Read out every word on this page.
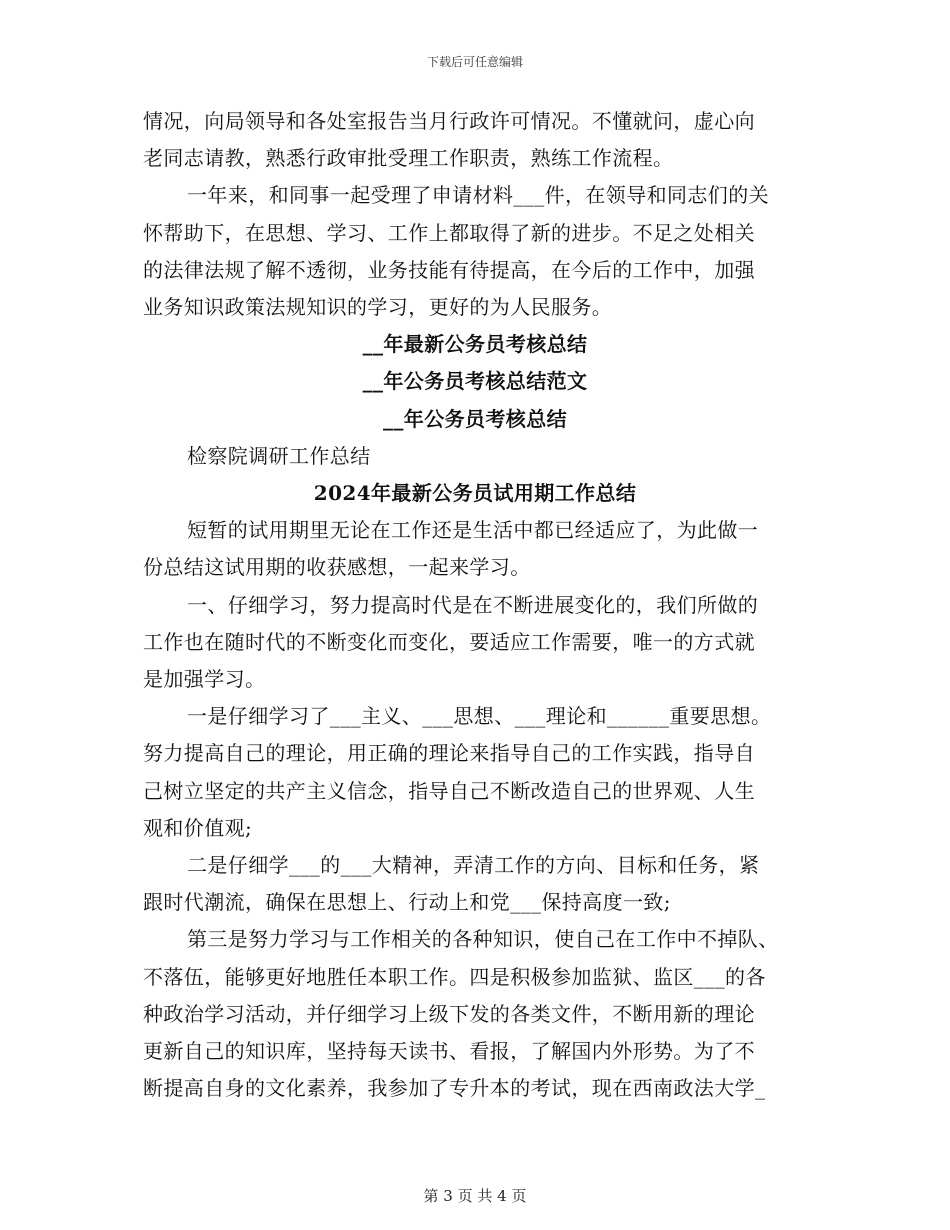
下载后可任意编辑

情况，向局领导和各处室报告当月行政许可情况。不懂就问，虚心向

老同志请教，熟悉行政审批受理工作职责，熟练工作流程。

一年来，和同事一起受理了申请材料___件，在领导和同志们的关

怀帮助下，在思想、学习、工作上都取得了新的进步。不足之处相关

的法律法规了解不透彻，业务技能有待提高，在今后的工作中，加强

业务知识政策法规知识的学习，更好的为人民服务。

__年最新公务员考核总结

__年公务员考核总结范文

__年公务员考核总结

检察院调研工作总结

2024年最新公务员试用期工作总结

短暂的试用期里无论在工作还是生活中都已经适应了，为此做一

份总结这试用期的收获感想，一起来学习。

一、仔细学习，努力提高时代是在不断进展变化的，我们所做的

工作也在随时代的不断变化而变化，要适应工作需要，唯一的方式就

是加强学习。

一是仔细学习了___主义、___思想、___理论和______重要思想。

努力提高自己的理论，用正确的理论来指导自己的工作实践，指导自

己树立坚定的共产主义信念，指导自己不断改造自己的世界观、人生

观和价值观;

二是仔细学___的___大精神，弄清工作的方向、目标和任务，紧

跟时代潮流，确保在思想上、行动上和党___保持高度一致;

第三是努力学习与工作相关的各种知识，使自己在工作中不掉队、

不落伍，能够更好地胜任本职工作。四是积极参加监狱、监区___的各

种政治学习活动，并仔细学习上级下发的各类文件，不断用新的理论

更新自己的知识库，坚持每天读书、看报，了解国内外形势。为了不

断提高自身的文化素养，我参加了专升本的考试，现在西南政法大学_

第 3 页 共 4 页
